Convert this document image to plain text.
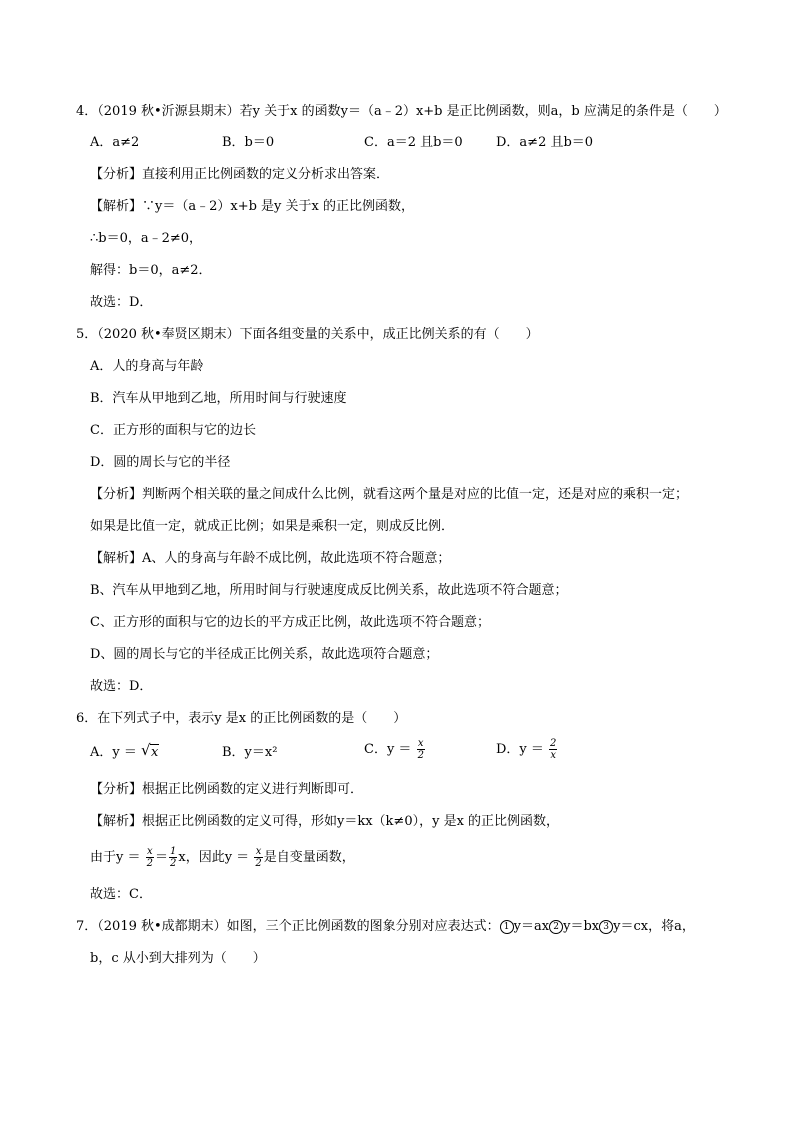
4．（2019 秋•沂源县期末）若y 关于x 的函数y＝（a﹣2）x+b 是正比例函数，则a，b 应满足的条件是（　　）
A．a≠2	B．b＝0	C．a＝2 且b＝0	D．a≠2 且b＝0
【分析】直接利用正比例函数的定义分析求出答案．
【解析】∵y＝（a﹣2）x+b 是y 关于x 的正比例函数，
∴b＝0，a﹣2≠0，
解得：b＝0，a≠2．
故选：D．
5．（2020 秋•奉贤区期末）下面各组变量的关系中，成正比例关系的有（　　）
A．人的身高与年龄
B．汽车从甲地到乙地，所用时间与行驶速度
C．正方形的面积与它的边长
D．圆的周长与它的半径
【分析】判断两个相关联的量之间成什么比例，就看这两个量是对应的比值一定，还是对应的乘积一定；
如果是比值一定，就成正比例；如果是乘积一定，则成反比例．
【解析】A、人的身高与年龄不成比例，故此选项不符合题意；
B、汽车从甲地到乙地，所用时间与行驶速度成反比例关系，故此选项不符合题意；
C、正方形的面积与它的边长的平方成正比例，故此选项不符合题意；
D、圆的周长与它的半径成正比例关系，故此选项符合题意；
故选：D．
6．在下列式子中，表示y 是x 的正比例函数的是（　　）
A．y ＝ √ x	B．y＝x²	C．$y = \frac{x}{2}$	D．$y = \frac{2}{x}$
【分析】根据正比例函数的定义进行判断即可．
【解析】根据正比例函数的定义可得，形如y＝kx（k≠0），y 是x 的正比例函数，
由于$y = \frac{x}{2} = \frac{1}{2}$ x，因此$y = \frac{x}{2}$ 是自变量函数，
故选：C．
7．（2019 秋•成都期末）如图，三个正比例函数的图象分别对应表达式： 1 y＝ax 2 y＝bx 3 y＝cx，将a，
b，c 从小到大排列为（　　）
